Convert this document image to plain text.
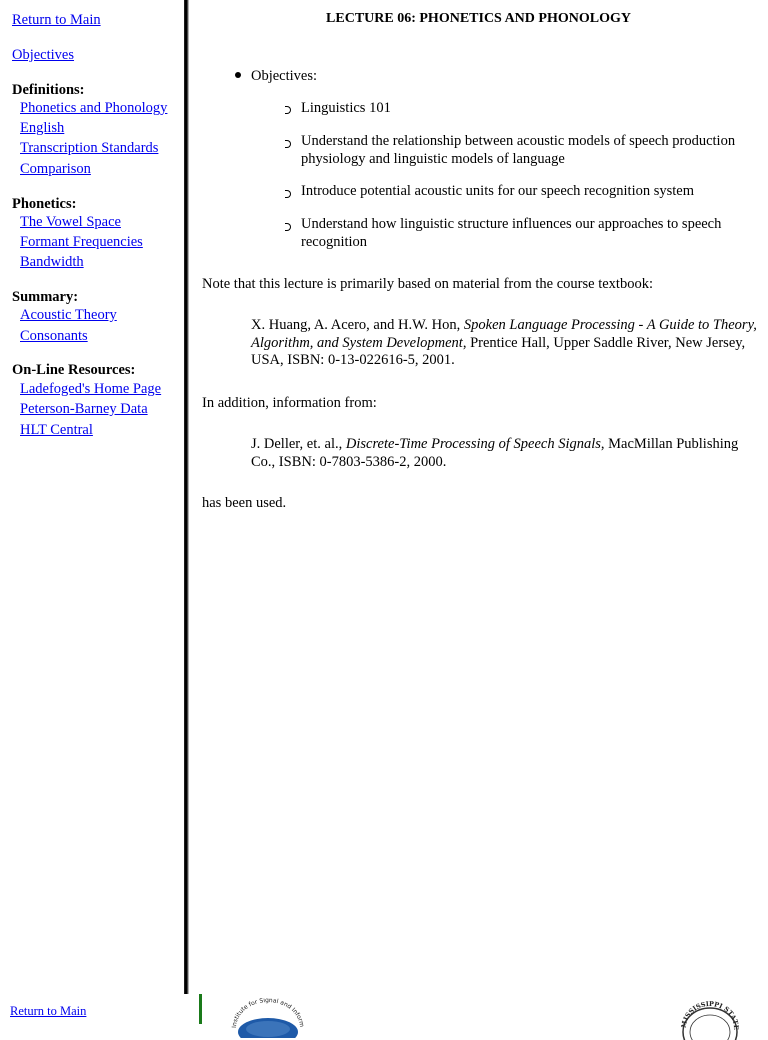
Return to Main
Objectives
Definitions:
Phonetics and Phonology
English
Transcription Standards
Comparison
Phonetics:
The Vowel Space
Formant Frequencies
Bandwidth
Summary:
Acoustic Theory
Consonants
On-Line Resources:
Ladefoged's Home Page
Peterson-Barney Data
HLT Central
LECTURE 06: PHONETICS AND PHONOLOGY
Objectives:
Linguistics 101
Understand the relationship between acoustic models of speech production physiology and linguistic models of language
Introduce potential acoustic units for our speech recognition system
Understand how linguistic structure influences our approaches to speech recognition
Note that this lecture is primarily based on material from the course textbook:
X. Huang, A. Acero, and H.W. Hon, Spoken Language Processing - A Guide to Theory, Algorithm, and System Development, Prentice Hall, Upper Saddle River, New Jersey, USA, ISBN: 0-13-022616-5, 2001.
In addition, information from:
J. Deller, et. al., Discrete-Time Processing of Speech Signals, MacMillan Publishing Co., ISBN: 0-7803-5386-2, 2000.
has been used.
Return to Main
Institute for Signal and Inform	MISSISSIPPI STATE
